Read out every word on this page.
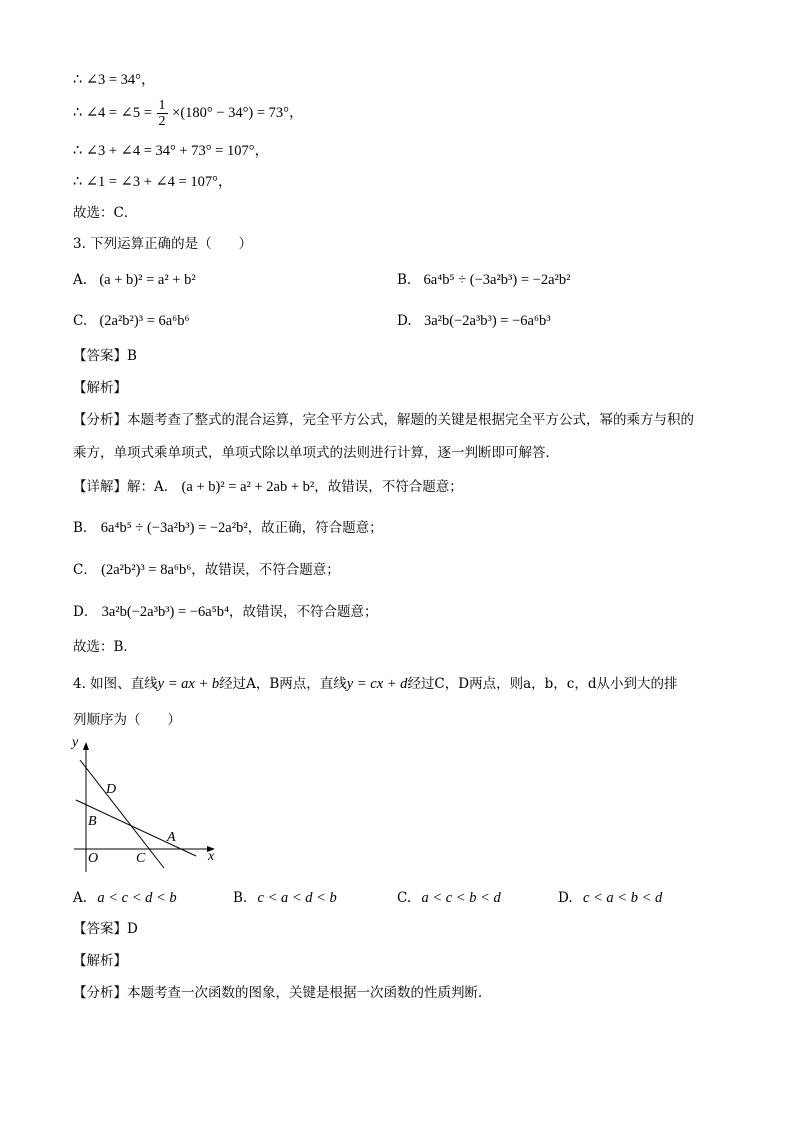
∴ ∠3 = 34°，
∴ ∠4 = ∠5 = $\frac{1}{2} \times(180^\circ - 34^\circ) = 73^\circ$，
∴ ∠3 + ∠4 = 34° + 73° = 107°，
∴ ∠1 = ∠3 + ∠4 = 107°，
故选：C．
3. 下列运算正确的是（　　）
A. (a + b)² = a² + b²	B. 6a⁴b⁵ ÷ (−3a²b³) = −2a²b²
C. (2a²b²)³ = 6a⁶b⁶	D. 3a²b(−2a³b³) = −6a⁶b³
【答案】B
【解析】
【分析】本题考查了整式的混合运算，完全平方公式，解题的关键是根据完全平方公式，幂的乘方与积的
乘方，单项式乘单项式，单项式除以单项式的法则进行计算，逐一判断即可解答．
【详解】解：A． (a + b)² = a² + 2ab + b²，故错误，不符合题意；
B． 6a⁴b⁵ ÷ (−3a²b³) = −2a²b²，故正确，符合题意；
C． (2a²b²)³ = 8a⁶b⁶，故错误，不符合题意；
D． 3a²b(−2a³b³) = −6a⁵b⁴，故错误，不符合题意；
故选：B．
4. 如图、直线y = ax + b经过A，B两点，直线y = cx + d经过C，D两点，则a，b，c，d从小到大的排
列顺序为（　　）
y
x
O
D
B
A
C
A. a < c < d < b	B. c < a < d < b	C. a < c < b < d	D. c < a < b < d
【答案】D
【解析】
【分析】本题考查一次函数的图象，关键是根据一次函数的性质判断．
